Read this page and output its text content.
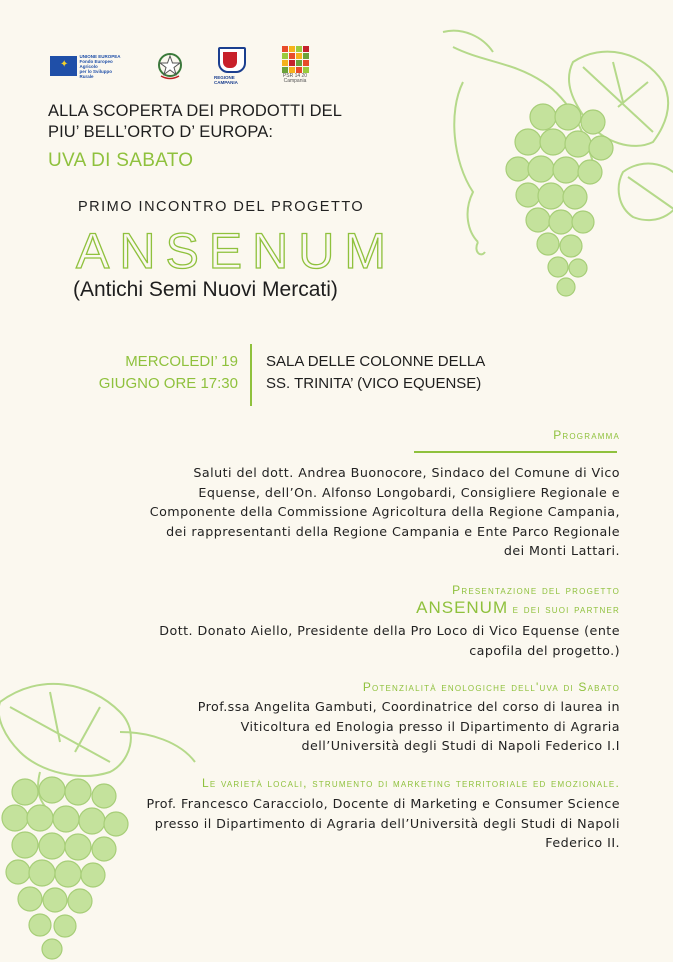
✦
UNIONE EUROPEA
Fondo Europeo Agricolo
per lo Sviluppo Rurale	REGIONE CAMPANIA
PSR 14 20
Campania
ALLA SCOPERTA DEI PRODOTTI DEL
PIU’ BELL’ORTO D’ EUROPA:
UVA DI SABATO
PRIMO INCONTRO DEL PROGETTO
ANSENUM
(Antichi Semi Nuovi Mercati)
MERCOLEDI’ 19
GIUGNO ORE 17:30
SALA DELLE COLONNE DELLA
SS. TRINITA’ (VICO EQUENSE)
Programma
Saluti del dott. Andrea Buonocore, Sindaco del Comune di Vico
Equense, dell’On. Alfonso Longobardi, Consigliere Regionale e
Componente della Commissione Agricoltura della Regione Campania,
dei rappresentanti della Regione Campania e Ente Parco Regionale
dei Monti Lattari.
Presentazione del progetto
ANSENUM e dei suoi partner
Dott. Donato Aiello, Presidente della Pro Loco di Vico Equense (ente
capofila del progetto.)
Potenzialità enologiche dell'uva di Sabato
Prof.ssa Angelita Gambuti, Coordinatrice del corso di laurea in
Viticoltura ed Enologia presso il Dipartimento di Agraria
dell’Università degli Studi di Napoli Federico I.I
Le varietà locali, strumento di marketing territoriale ed emozionale.
Prof. Francesco Caracciolo, Docente di Marketing e Consumer Science
presso il Dipartimento di Agraria dell’Università degli Studi di Napoli
Federico II.
